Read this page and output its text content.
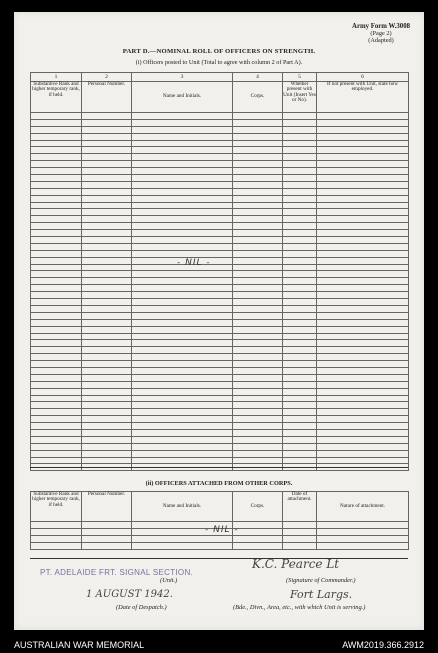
Army Form W.3008
(Page 2)
(Adapted)
PART D.—NOMINAL ROLL OF OFFICERS ON STRENGTH.
(i) Officers posted to Unit (Total to agree with column 2 of Part A).
1	2	3	4	5	6
Substantive Rank and higher temporary rank, if held.	Personal Number.	Name and Initials.	Corps.	Whether present with Unit (Insert Yes or No).	If not present with Unit, state how employed.

- NIL -
(ii) OFFICERS ATTACHED FROM OTHER CORPS.
Substantive Rank and higher temporary rank, if held.	Personal Number.	Name and Initials.	Corps.	Date of attachment.	Nature of attachment.

- NIL -
PT. ADELAIDE FRT. SIGNAL SECTION.
(Unit.)
K.C. Pearce Lt
(Signature of Commander.)
1 AUGUST 1942.
(Date of Despatch.)
Fort Largs.
(Bde., Divn., Area, etc., with which Unit is serving.)
AUSTRALIAN WAR MEMORIAL	AWM2019.366.2912
